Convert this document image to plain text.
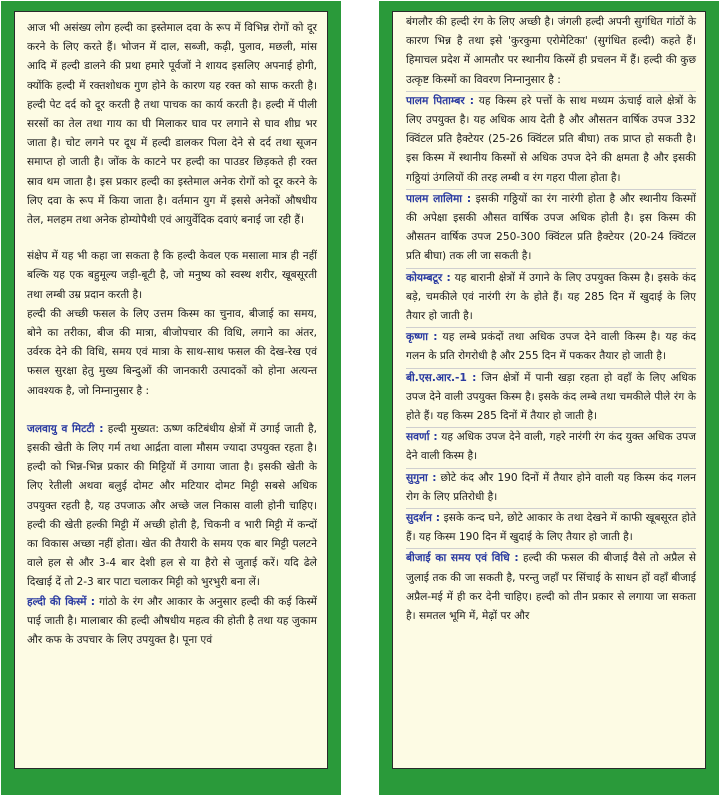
आज भी असंख्य लोग हल्दी का इस्तेमाल दवा के रूप में विभिन्न रोगों को दूर करने के लिए करते हैं। भोजन में दाल, सब्जी, कढ़ी, पुलाव, मछली, मांस आदि में हल्दी डालने की प्रथा हमारे पूर्वजों ने शायद इसलिए अपनाई होगी, क्योंकि हल्दी में रक्तशोधक गुण होने के कारण यह रक्त को साफ करती है। हल्दी पेट दर्द को दूर करती है तथा पाचक का कार्य करती है। हल्दी में पीली सरसों का तेल तथा गाय का घी मिलाकर घाव पर लगाने से घाव शीघ्र भर जाता है। चोट लगने पर दूध में हल्दी डालकर पिला देने से दर्द तथा सूजन समाप्त हो जाती है। जोंक के काटने पर हल्दी का पाउडर छिड़कते ही रक्त स्राव थम जाता है। इस प्रकार हल्दी का इस्तेमाल अनेक रोगों को दूर करने के लिए दवा के रूप में किया जाता है। वर्तमान युग में इससे अनेकों औषधीय तेल, मलहम तथा अनेक होम्योपैथी एवं आयुर्वेदिक दवाएं बनाई जा रही हैं।

संक्षेप में यह भी कहा जा सकता है कि हल्दी केवल एक मसाला मात्र ही नहीं बल्कि यह एक बहुमूल्य जड़ी-बूटी है, जो मनुष्य को स्वस्थ शरीर, खूबसूरती तथा लम्बी उम्र प्रदान करती है।

हल्दी की अच्छी फसल के लिए उत्तम किस्म का चुनाव, बीजाई का समय, बोने का तरीका, बीज की मात्रा, बीजोपचार की विधि, लगाने का अंतर, उर्वरक देने की विधि, समय एवं मात्रा के साथ-साथ फसल की देख-रेख एवं फसल सुरक्षा हेतु मुख्य बिन्दुओं की जानकारी उत्पादकों को होना अत्यन्त आवश्यक है, जो निम्नानुसार है :

जलवायु व मिटटी : हल्दी मुख्यत: ऊष्ण कटिबंधीय क्षेत्रों में उगाई जाती है, इसकी खेती के लिए गर्म तथा आर्द्रता वाला मौसम ज्यादा उपयुक्त रहता है। हल्दी को भिन्न-भिन्न प्रकार की मिट्टियों में उगाया जाता है। इसकी खेती के लिए रेतीली अथवा बलुई दोमट और मटियार दोमट मिट्टी सबसे अधिक उपयुक्त रहती है, यह उपजाऊ और अच्छे जल निकास वाली होनी चाहिए। हल्दी की खेती हल्की मिट्टी में अच्छी होती है, चिकनी व भारी मिट्टी में कन्दों का विकास अच्छा नहीं होता। खेत की तैयारी के समय एक बार मिट्टी पलटने वाले हल से और 3-4 बार देशी हल से या हैरो से जुताई करें। यदि ढेले दिखाई दें तो 2-3 बार पाटा चलाकर मिट्टी को भुरभुरी बना लें।

हल्दी की किस्में : गांठो के रंग और आकार के अनुसार हल्दी की कई किस्में पाई जाती है। मालाबार की हल्दी औषधीय महत्व की होती है तथा यह जुकाम और कफ के उपचार के लिए उपयुक्त है। पूना एवं

बंगलौर की हल्दी रंग के लिए अच्छी है। जंगली हल्दी अपनी सुगंधित गांठों के कारण भिन्न है तथा इसे 'कुरकुमा एरोमेटिका' (सुगंधित हल्दी) कहते हैं। हिमाचल प्रदेश में आमतौर पर स्थानीय किस्में ही प्रचलन में हैं। हल्दी की कुछ उत्कृष्ट किस्मों का विवरण निम्नानुसार है :

पालम पिताम्बर : यह किस्म हरे पत्तों के साथ मध्यम ऊंचाई वाले क्षेत्रों के लिए उपयुक्त है। यह अधिक आय देती है और औसतन वार्षिक उपज 332 क्विंटल प्रति हैक्टेयर (25-26 क्विंटल प्रति बीघा) तक प्राप्त हो सकती है। इस किस्म में स्थानीय किस्मों से अधिक उपज देने की क्षमता है और इसकी गठ्ठियां उंगलियों की तरह लम्बी व रंग गहरा पीला होता है।

पालम लालिमा : इसकी गठ्ठियों का रंग नारंगी होता है और स्थानीय किस्मों की अपेक्षा इसकी औसत वार्षिक उपज अधिक होती है। इस किस्म की औसतन वार्षिक उपज 250-300 क्विंटल प्रति हैक्टेयर (20-24 क्विंटल प्रति बीघा) तक ली जा सकती है।

कोयम्बटूर : यह बारानी क्षेत्रों में उगाने के लिए उपयुक्त किस्म है। इसके कंद बड़े, चमकीले एवं नारंगी रंग के होते हैं। यह 285 दिन में खुदाई के लिए तैयार हो जाती है।

कृष्णा : यह लम्बे प्रकंदों तथा अधिक उपज देने वाली किस्म है। यह कंद गलन के प्रति रोगरोधी है और 255 दिन में पककर तैयार हो जाती है।

बी.एस.आर.-1 : जिन क्षेत्रों में पानी खड़ा रहता हो वहाँ के लिए अधिक उपज देने वाली उपयुक्त किस्म है। इसके कंद लम्बे तथा चमकीले पीले रंग के होते हैं। यह किस्म 285 दिनों में तैयार हो जाती है।

सवर्णा : यह अधिक उपज देने वाली, गहरे नारंगी रंग कंद युक्त अधिक उपज देने वाली किस्म है।

सुगुना : छोटे कंद और 190 दिनों में तैयार होने वाली यह किस्म कंद गलन रोग के लिए प्रतिरोधी है।

सुदर्शन : इसके कन्द घने, छोटे आकार के तथा देखने में काफी खूबसूरत होते हैं। यह किस्म 190 दिन में खुदाई के लिए तैयार हो जाती है।

बीजाई का समय एवं विधि : हल्दी की फसल की बीजाई वैसे तो अप्रैल से जुलाई तक की जा सकती है, परन्तु जहाँ पर सिंचाई के साधन हों वहाँ बीजाई अप्रैल-मई में ही कर देनी चाहिए। हल्दी को तीन प्रकार से लगाया जा सकता है। समतल भूमि में, मेढ़ों पर और
